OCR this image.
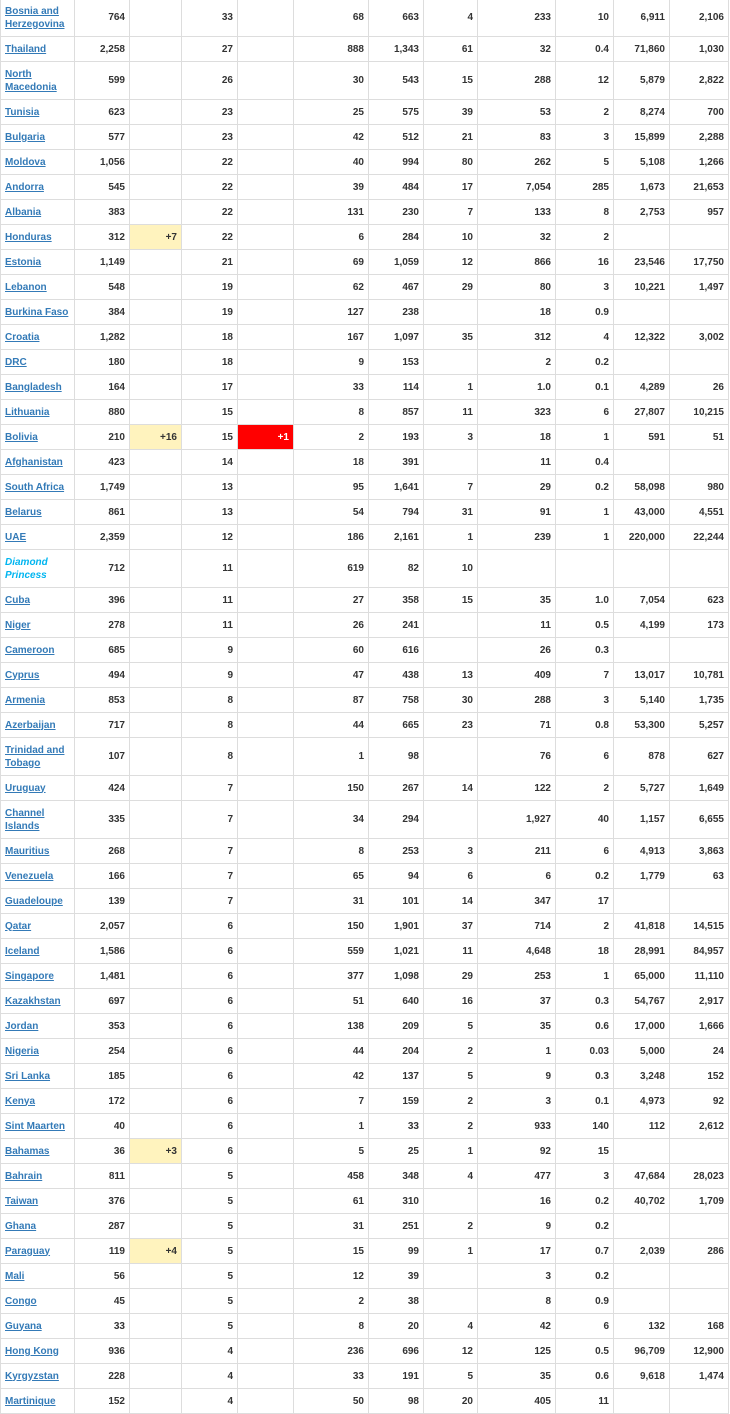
Bosnia and Herzegovina	764		33		68	663	4	233	10	6,911	2,106
Thailand	2,258		27		888	1,343	61	32	0.4	71,860	1,030
North Macedonia	599		26		30	543	15	288	12	5,879	2,822
Tunisia	623		23		25	575	39	53	2	8,274	700
Bulgaria	577		23		42	512	21	83	3	15,899	2,288
Moldova	1,056		22		40	994	80	262	5	5,108	1,266
Andorra	545		22		39	484	17	7,054	285	1,673	21,653
Albania	383		22		131	230	7	133	8	2,753	957
Honduras	312	+7	22		6	284	10	32	2		
Estonia	1,149		21		69	1,059	12	866	16	23,546	17,750
Lebanon	548		19		62	467	29	80	3	10,221	1,497
Burkina Faso	384		19		127	238		18	0.9		
Croatia	1,282		18		167	1,097	35	312	4	12,322	3,002
DRC	180		18		9	153		2	0.2		
Bangladesh	164		17		33	114	1	1.0	0.1	4,289	26
Lithuania	880		15		8	857	11	323	6	27,807	10,215
Bolivia	210	+16	15	+1	2	193	3	18	1	591	51
Afghanistan	423		14		18	391		11	0.4		
South Africa	1,749		13		95	1,641	7	29	0.2	58,098	980
Belarus	861		13		54	794	31	91	1	43,000	4,551
UAE	2,359		12		186	2,161	1	239	1	220,000	22,244
Diamond Princess	712		11		619	82	10				
Cuba	396		11		27	358	15	35	1.0	7,054	623
Niger	278		11		26	241		11	0.5	4,199	173
Cameroon	685		9		60	616		26	0.3		
Cyprus	494		9		47	438	13	409	7	13,017	10,781
Armenia	853		8		87	758	30	288	3	5,140	1,735
Azerbaijan	717		8		44	665	23	71	0.8	53,300	5,257
Trinidad and Tobago	107		8		1	98		76	6	878	627
Uruguay	424		7		150	267	14	122	2	5,727	1,649
Channel Islands	335		7		34	294		1,927	40	1,157	6,655
Mauritius	268		7		8	253	3	211	6	4,913	3,863
Venezuela	166		7		65	94	6	6	0.2	1,779	63
Guadeloupe	139		7		31	101	14	347	17		
Qatar	2,057		6		150	1,901	37	714	2	41,818	14,515
Iceland	1,586		6		559	1,021	11	4,648	18	28,991	84,957
Singapore	1,481		6		377	1,098	29	253	1	65,000	11,110
Kazakhstan	697		6		51	640	16	37	0.3	54,767	2,917
Jordan	353		6		138	209	5	35	0.6	17,000	1,666
Nigeria	254		6		44	204	2	1	0.03	5,000	24
Sri Lanka	185		6		42	137	5	9	0.3	3,248	152
Kenya	172		6		7	159	2	3	0.1	4,973	92
Sint Maarten	40		6		1	33	2	933	140	112	2,612
Bahamas	36	+3	6		5	25	1	92	15		
Bahrain	811		5		458	348	4	477	3	47,684	28,023
Taiwan	376		5		61	310		16	0.2	40,702	1,709
Ghana	287		5		31	251	2	9	0.2		
Paraguay	119	+4	5		15	99	1	17	0.7	2,039	286
Mali	56		5		12	39		3	0.2		
Congo	45		5		2	38		8	0.9		
Guyana	33		5		8	20	4	42	6	132	168
Hong Kong	936		4		236	696	12	125	0.5	96,709	12,900
Kyrgyzstan	228		4		33	191	5	35	0.6	9,618	1,474
Martinique	152		4		50	98	20	405	11		
